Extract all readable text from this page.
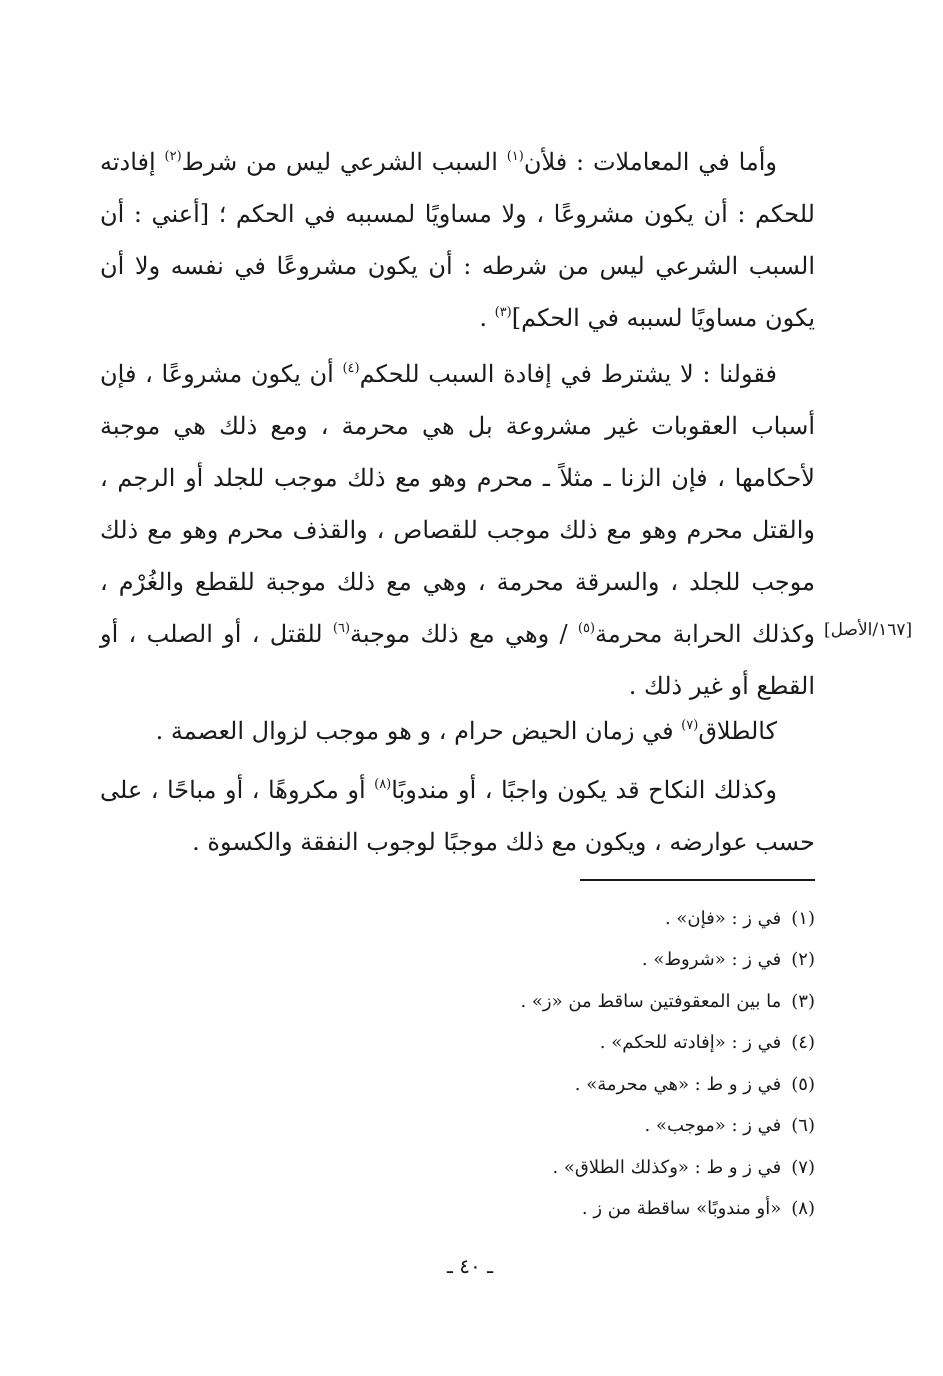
وأما في المعاملات : فلأن$^{(١)}$ السبب الشرعي ليس من شرط$^{(٢)}$ إفادته للحكم : أن يكون مشروعًا ، ولا مساويًا لمسببه في الحكم ؛ [أعني : أن السبب الشرعي ليس من شرطه : أن يكون مشروعًا في نفسه ولا أن يكون مساويًا لسببه في الحكم]$^{(٣)}$ .

فقولنا : لا يشترط في إفادة السبب للحكم$^{(٤)}$ أن يكون مشروعًا ، فإن أسباب العقوبات غير مشروعة بل هي محرمة ، ومع ذلك هي موجبة لأحكامها ، فإن الزنا ـ مثلاً ـ محرم وهو مع ذلك موجب للجلد أو الرجم ، والقتل محرم وهو مع ذلك موجب للقصاص ، والقذف محرم وهو مع ذلك موجب للجلد ، والسرقة محرمة ، وهي مع ذلك موجبة للقطع والغُرْم ، وكذلك الحرابة محرمة$^{(٥)}$ / وهي مع ذلك موجبة$^{(٦)}$ للقتل ، أو الصلب ، أو القطع أو غير ذلك .

[١٦٧/الأصل]

كالطلاق$^{(٧)}$ في زمان الحيض حرام ، و هو موجب لزوال العصمة .

وكذلك النكاح قد يكون واجبًا ، أو مندوبًا$^{(٨)}$ أو مكروهًا ، أو مباحًا ، على حسب عوارضه ، ويكون مع ذلك موجبًا لوجوب النفقة والكسوة .

(١)
في ز : «فإن» .
(٢)
في ز : «شروط» .
(٣)
ما بين المعقوفتين ساقط من «ز» .
(٤)
في ز : «إفادته للحكم» .
(٥)
في ز و ط : «هي محرمة» .
(٦)
في ز : «موجب» .
(٧)
في ز و ط : «وكذلك الطلاق» .
(٨)
«أو مندوبًا» ساقطة من ز .
ـ ٤٠ ـ
